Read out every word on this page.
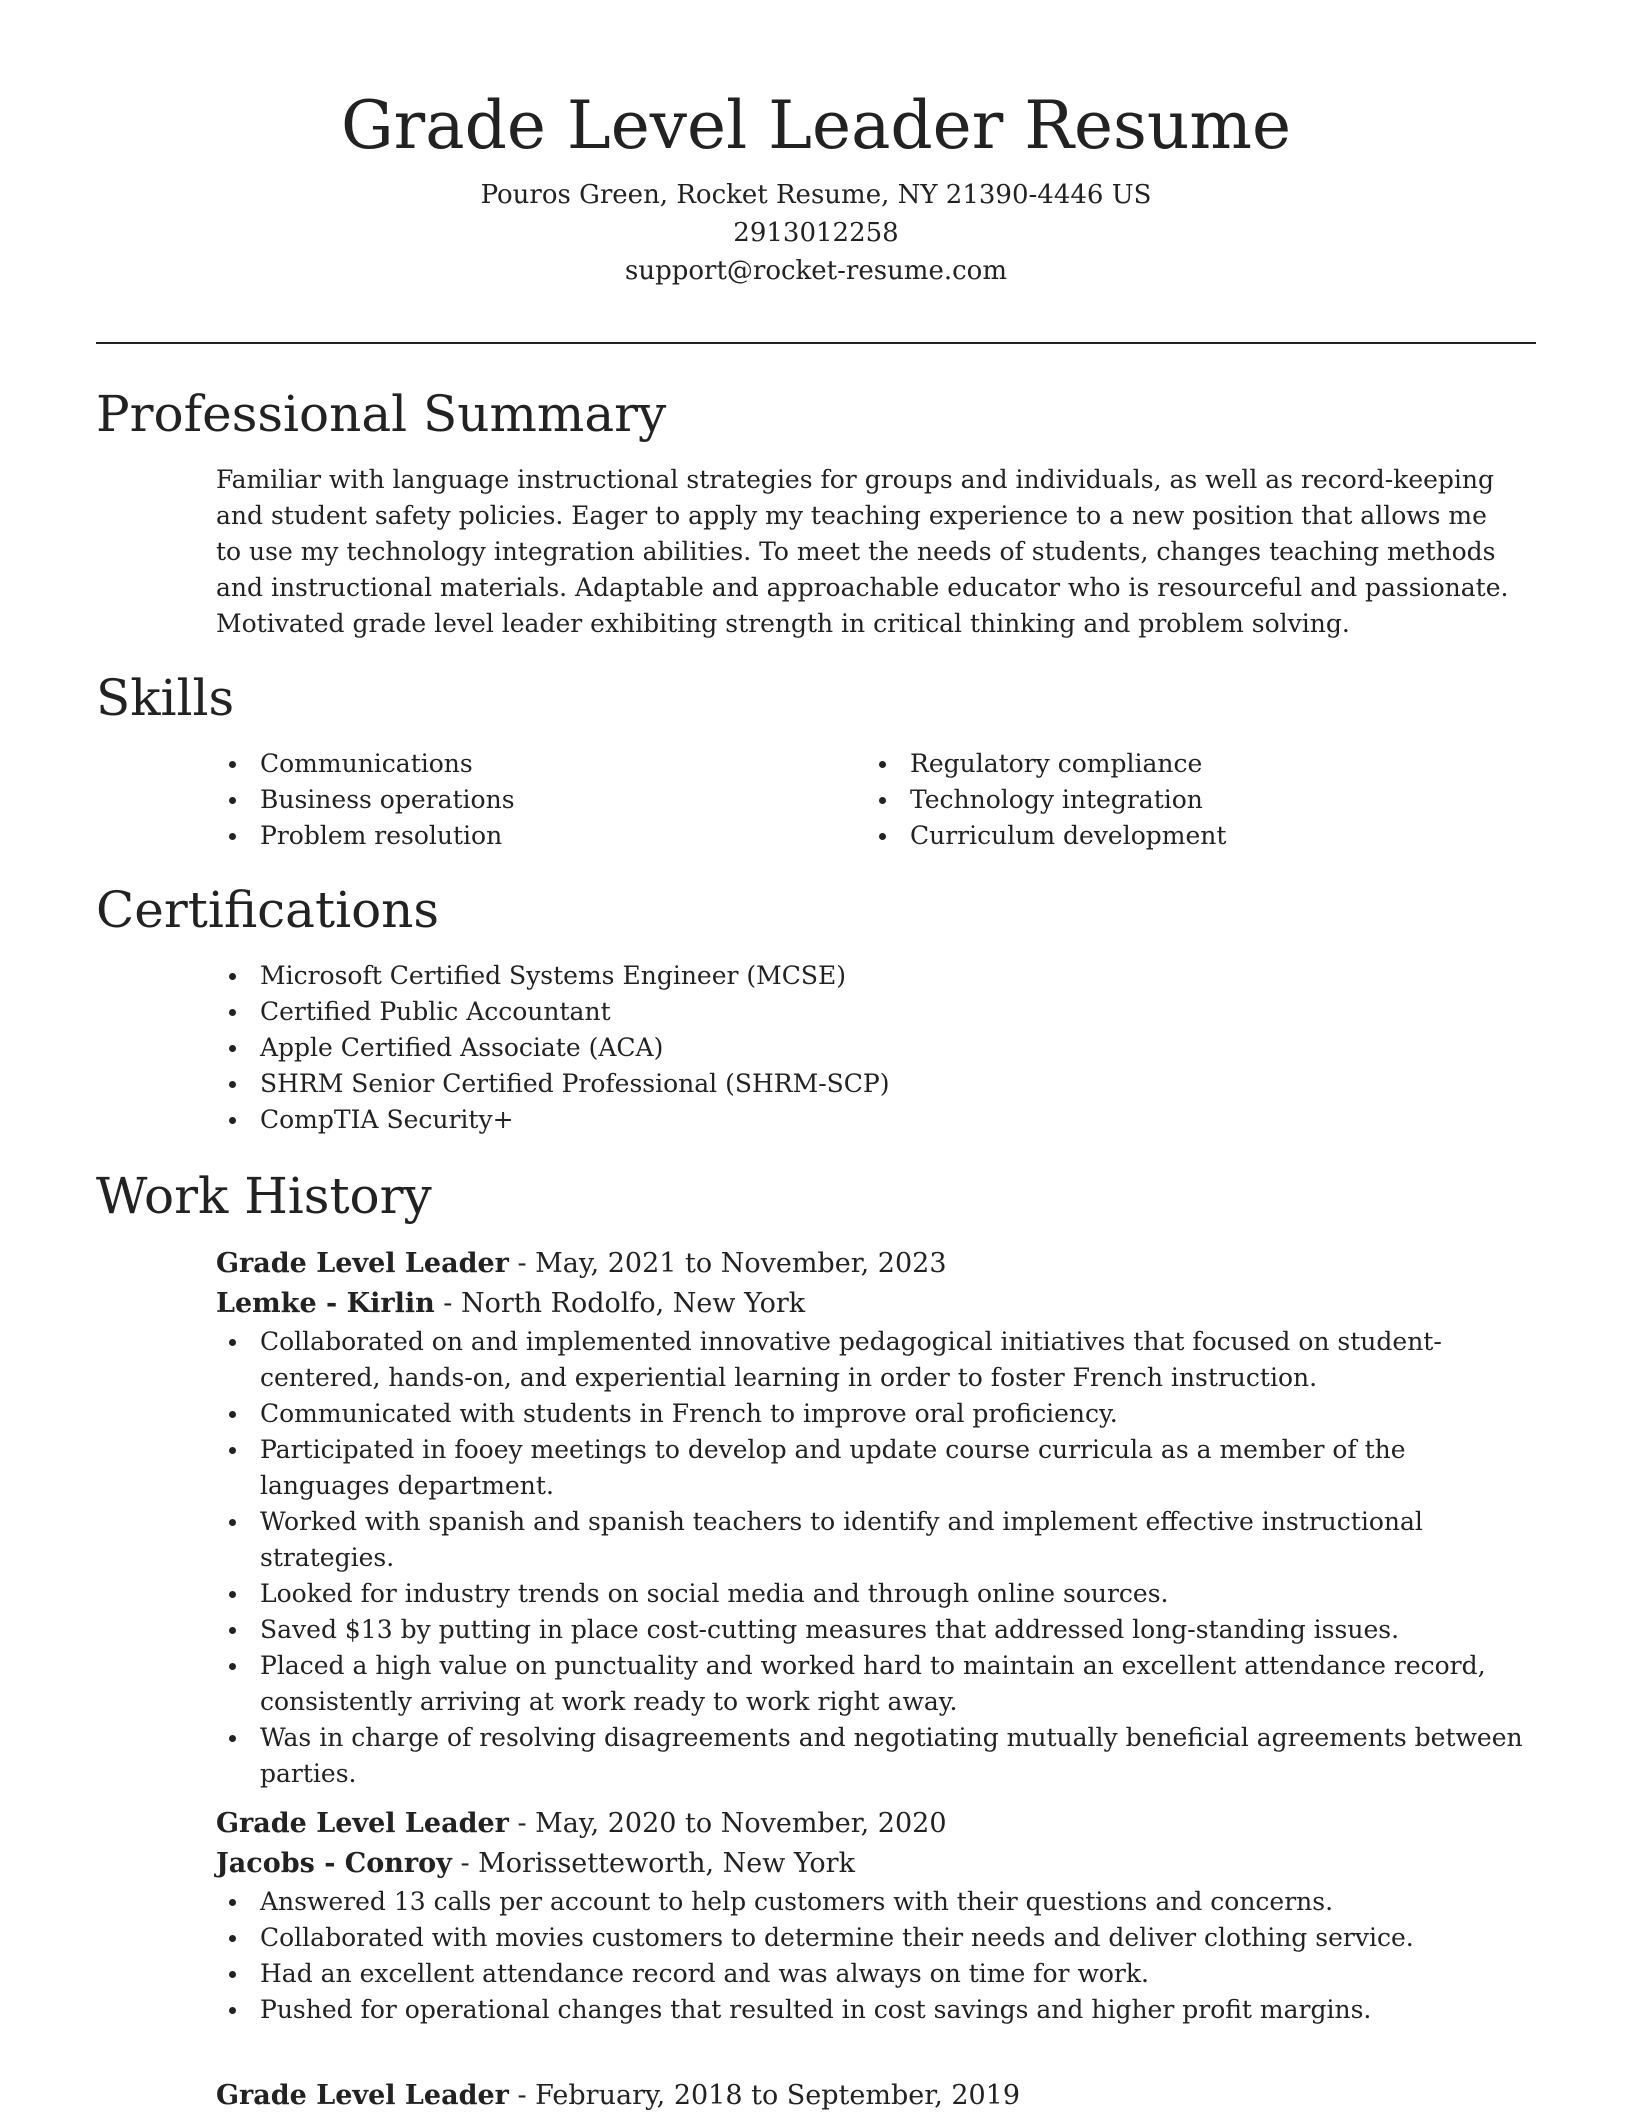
Grade Level Leader Resume

Pouros Green, Rocket Resume, NY 21390-4446 US

2913012258

support@rocket-resume.com

Professional Summary

Familiar with language instructional strategies for groups and individuals, as well as record-keeping and student safety policies. Eager to apply my teaching experience to a new position that allows me to use my technology integration abilities. To meet the needs of students, changes teaching methods and instructional materials. Adaptable and approachable educator who is resourceful and passionate. Motivated grade level leader exhibiting strength in critical thinking and problem solving.

Skills
Communications
Business operations
Problem resolution
Regulatory compliance
Technology integration
Curriculum development
Certifications
Microsoft Certified Systems Engineer (MCSE)
Certified Public Accountant
Apple Certified Associate (ACA)
SHRM Senior Certified Professional (SHRM-SCP)
CompTIA Security+
Work History

Grade Level Leader - May, 2021 to November, 2023

Lemke - Kirlin - North Rodolfo, New York

Collaborated on and implemented innovative pedagogical initiatives that focused on student-centered, hands-on, and experiential learning in order to foster French instruction.
Communicated with students in French to improve oral proficiency.
Participated in fooey meetings to develop and update course curricula as a member of the languages department.
Worked with spanish and spanish teachers to identify and implement effective instructional strategies.
Looked for industry trends on social media and through online sources.
Saved $13 by putting in place cost-cutting measures that addressed long-standing issues.
Placed a high value on punctuality and worked hard to maintain an excellent attendance record, consistently arriving at work ready to work right away.
Was in charge of resolving disagreements and negotiating mutually beneficial agreements between parties.

Grade Level Leader - May, 2020 to November, 2020

Jacobs - Conroy - Morissetteworth, New York

Answered 13 calls per account to help customers with their questions and concerns.
Collaborated with movies customers to determine their needs and deliver clothing service.
Had an excellent attendance record and was always on time for work.
Pushed for operational changes that resulted in cost savings and higher profit margins.

Grade Level Leader - February, 2018 to September, 2019
